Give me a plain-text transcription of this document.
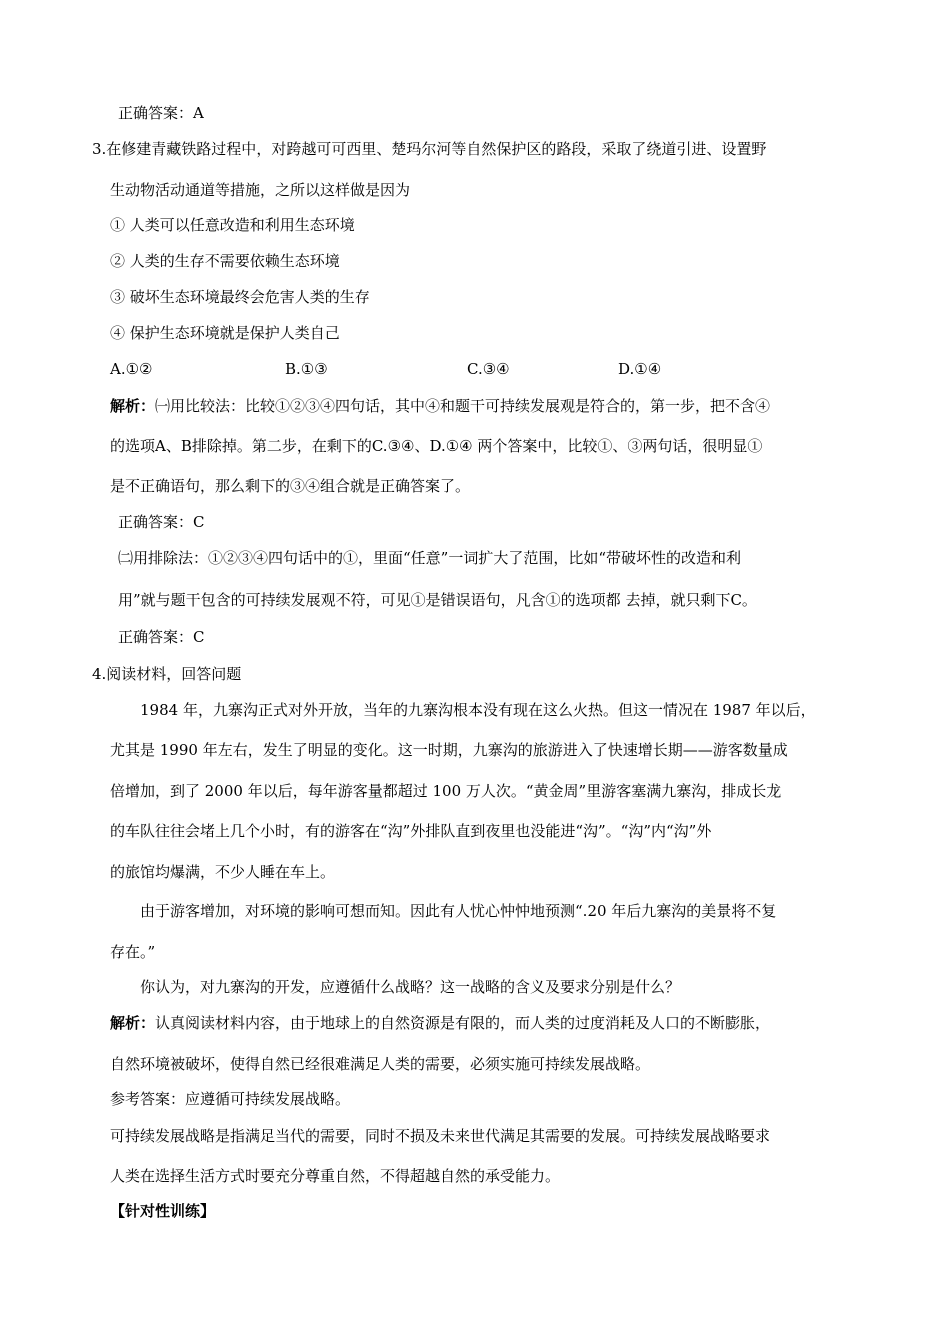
正确答案：A
3.在修建青藏铁路过程中，对跨越可可西里、楚玛尔河等自然保护区的路段，采取了绕道引进、设置野
生动物活动通道等措施，之所以这样做是因为
① 人类可以任意改造和利用生态环境
② 人类的生存不需要依赖生态环境
③ 破坏生态环境最终会危害人类的生存
④ 保护生态环境就是保护人类自己
A.①②	B.①③	C.③④	D.①④
解析：㈠用比较法：比较①②③④四句话，其中④和题干可持续发展观是符合的，第一步，把不含④
的选项A、B排除掉。第二步，在剩下的C.③④、D.①④ 两个答案中，比较①、③两句话，很明显①
是不正确语句，那么剩下的③④组合就是正确答案了。
正确答案：C
㈡用排除法：①②③④四句话中的①，里面“任意”一词扩大了范围，比如“带破坏性的改造和利
用”就与题干包含的可持续发展观不符，可见①是错误语句，凡含①的选项都 去掉，就只剩下C。
正确答案：C
4.阅读材料，回答问题
1984 年，九寨沟正式对外开放，当年的九寨沟根本没有现在这么火热。但这一情况在 1987 年以后，
尤其是 1990 年左右，发生了明显的变化。这一时期，九寨沟的旅游进入了快速增长期——游客数量成
倍增加，到了 2000 年以后，每年游客量都超过 100 万人次。“黄金周”里游客塞满九寨沟，排成长龙
的车队往往会堵上几个小时，有的游客在“沟”外排队直到夜里也没能进“沟”。“沟”内“沟”外
的旅馆均爆满，不少人睡在车上。
由于游客增加，对环境的影响可想而知。因此有人忧心忡忡地预测“.20 年后九寨沟的美景将不复
存在。”
你认为，对九寨沟的开发，应遵循什么战略？这一战略的含义及要求分别是什么？
解析：认真阅读材料内容，由于地球上的自然资源是有限的，而人类的过度消耗及人口的不断膨胀，
自然环境被破坏，使得自然已经很难满足人类的需要，必须实施可持续发展战略。
参考答案：应遵循可持续发展战略。
可持续发展战略是指满足当代的需要，同时不损及未来世代满足其需要的发展。可持续发展战略要求
人类在选择生活方式时要充分尊重自然，不得超越自然的承受能力。
【针对性训练】
